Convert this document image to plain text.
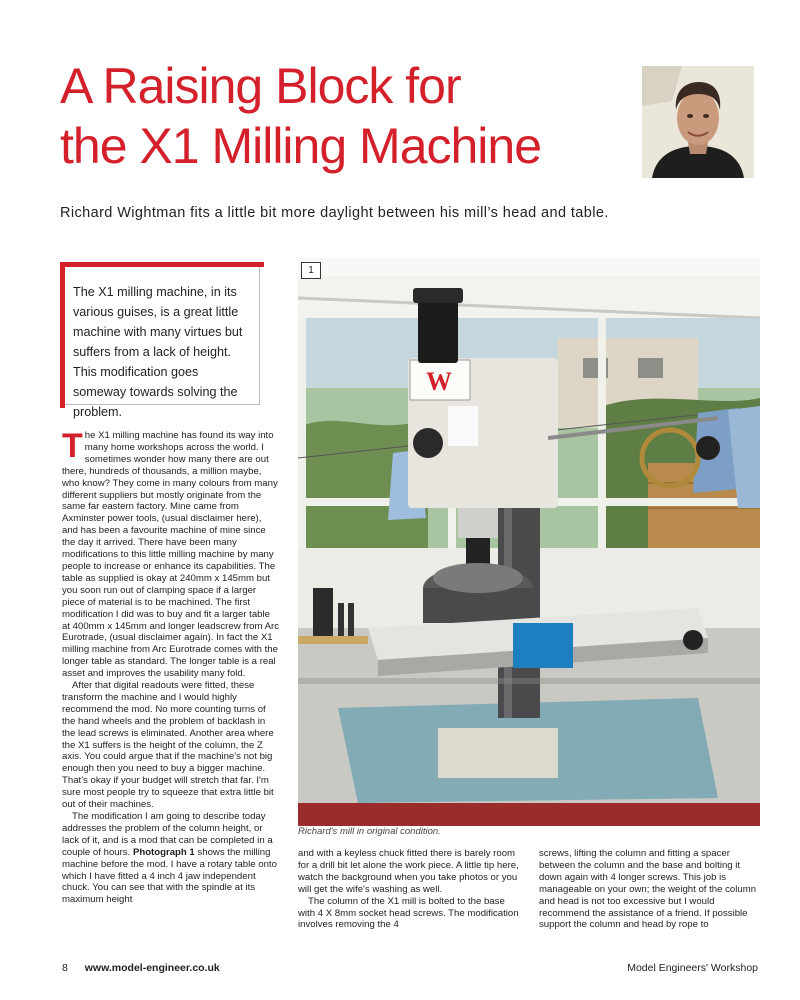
A Raising Block for
the X1 Milling Machine
Richard Wightman fits a little bit more daylight between his mill’s head and table.
The X1 milling machine, in its various guises, is a great little machine with many virtues but suffers from a lack of height. This modification goes someway towards solving the problem.

The X1 milling machine has found its way into many home workshops across the world. I sometimes wonder how many there are out there, hundreds of thousands, a million maybe, who know? They come in many colours from many different suppliers but mostly originate from the same far eastern factory. Mine came from Axminster power tools, (usual disclaimer here), and has been a favourite machine of mine since the day it arrived. There have been many modifications to this little milling machine by many people to increase or enhance its capabilities. The table as supplied is okay at 240mm x 145mm but you soon run out of clamping space if a larger piece of material is to be machined. The first modification I did was to buy and fit a larger table at 400mm x 145mm and longer leadscrew from Arc Eurotrade, (usual disclaimer again). In fact the X1 milling machine from Arc Eurotrade comes with the longer table as standard. The longer table is a real asset and improves the usability many fold.

After that digital readouts were fitted, these transform the machine and I would highly recommend the mod. No more counting turns of the hand wheels and the problem of backlash in the lead screws is eliminated. Another area where the X1 suffers is the height of the column, the Z axis. You could argue that if the machine's not big enough then you need to buy a bigger machine. That's okay if your budget will stretch that far. I'm sure most people try to squeeze that extra little bit out of their machines.

The modification I am going to describe today addresses the problem of the column height, or lack of it, and is a mod that can be completed in a couple of hours. Photograph 1 shows the milling machine before the mod. I have a rotary table onto which I have fitted a 4 inch 4 jaw independent chuck. You can see that with the spindle at its maximum height

W
1
Richard's mill in original condition.

and with a keyless chuck fitted there is barely room for a drill bit let alone the work piece. A little tip here, watch the background when you take photos or you will get the wife's washing as well.

The column of the X1 mill is bolted to the base with 4 X 8mm socket head screws. The modification involves removing the 4

screws, lifting the column and fitting a spacer between the column and the base and bolting it down again with 4 longer screws. This job is manageable on your own; the weight of the column and head is not too excessive but I would recommend the assistance of a friend. If possible support the column and head by rope to

8 www.model-engineer.co.uk	Model Engineers' Workshop
